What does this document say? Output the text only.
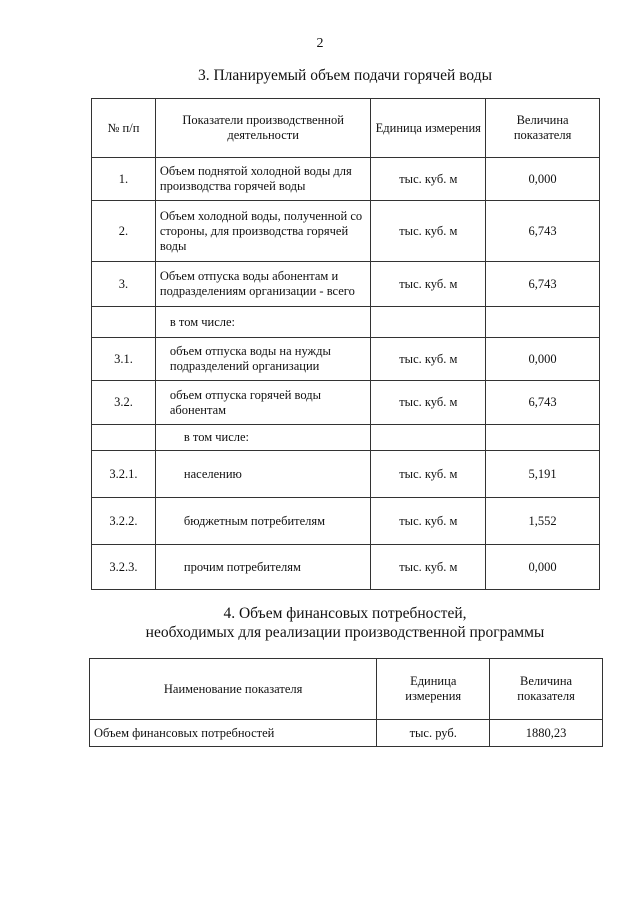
2
3. Планируемый объем подачи горячей воды
№ п/п	Показатели производственной деятельности	Единица измерения	Величина показателя
1.	Объем поднятой холодной воды для производства горячей воды	тыс. куб. м	0,000
2.	Объем холодной воды, полученной со стороны, для производства горячей воды	тыс. куб. м	6,743
3.	Объем отпуска воды абонентам и подразделениям организации - всего	тыс. куб. м	6,743
	в том числе:		
3.1.	объем отпуска воды на нужды подразделений организации	тыс. куб. м	0,000
3.2.	объем отпуска горячей воды абонентам	тыс. куб. м	6,743
	в том числе:		
3.2.1.	населению	тыс. куб. м	5,191
3.2.2.	бюджетным потребителям	тыс. куб. м	1,552
3.2.3.	прочим потребителям	тыс. куб. м	0,000
4. Объем финансовых потребностей,
необходимых для реализации производственной программы
Наименование показателя	Единица измерения	Величина показателя
Объем финансовых потребностей	тыс. руб.	1880,23
